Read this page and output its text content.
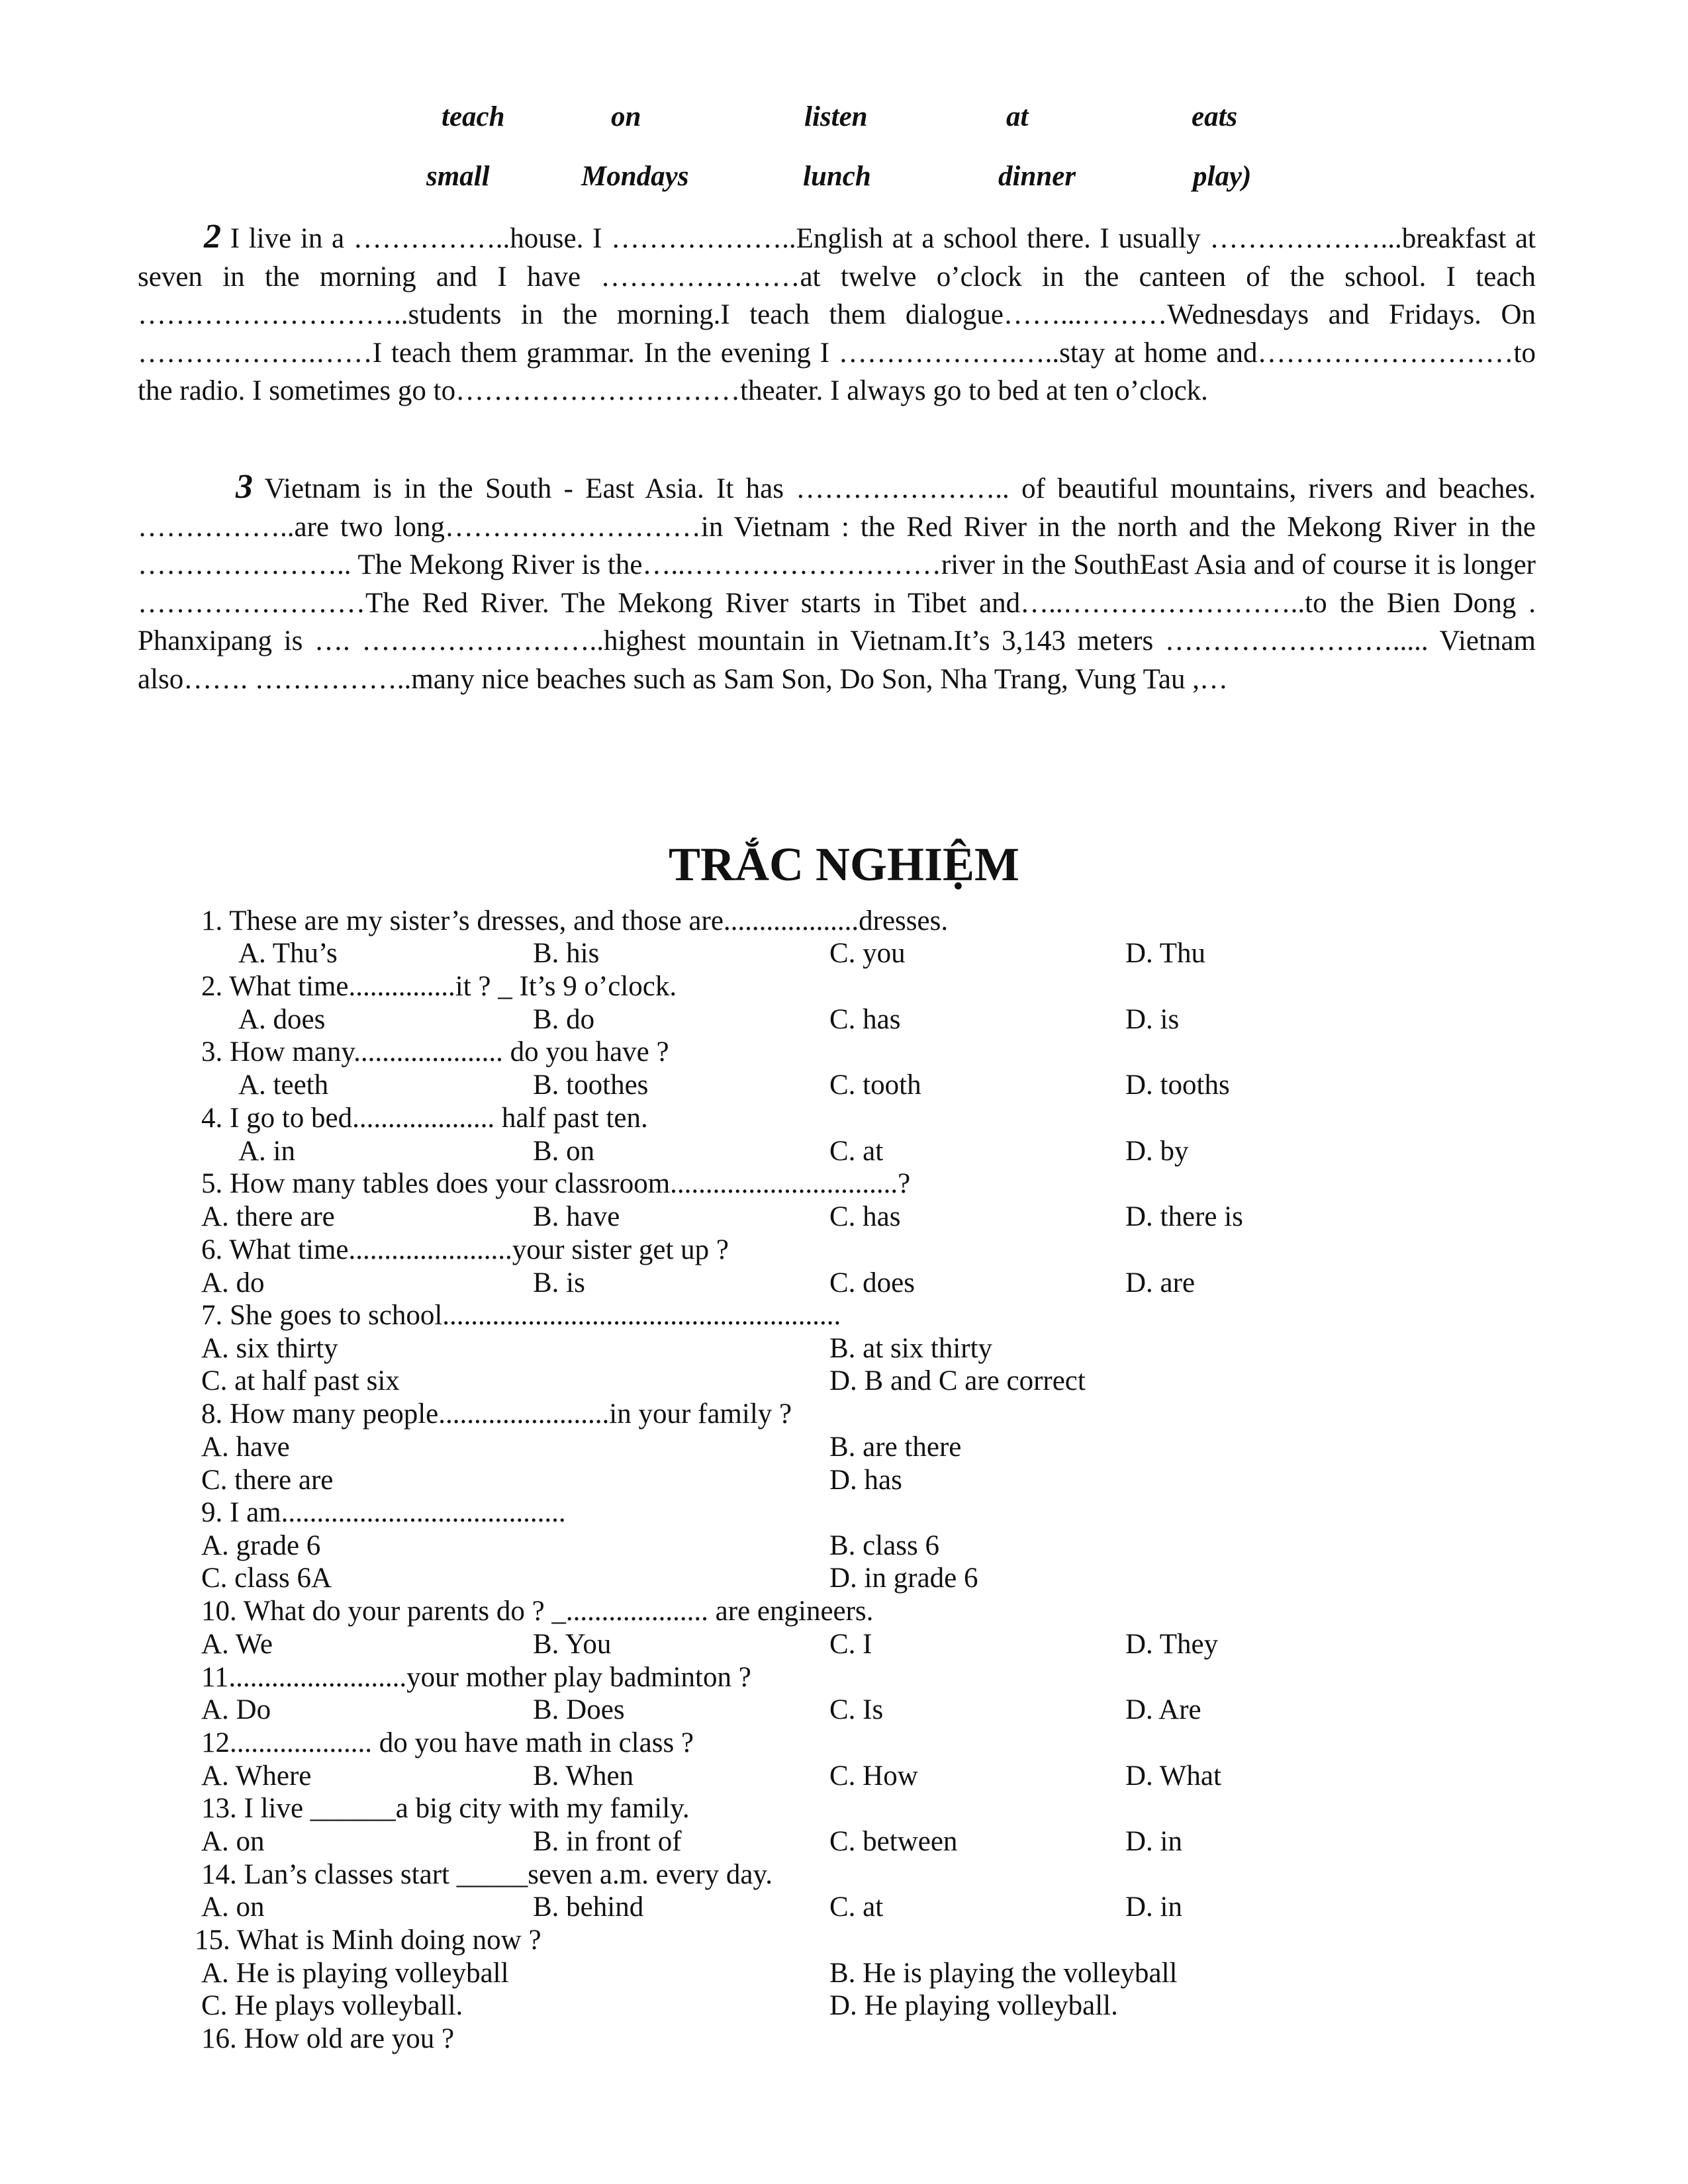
teach	on	listen	at	eats
small	Mondays	lunch	dinner	play)

2 I live in a ……………..house. I ………………..English at a school there. I usually ………………...breakfast at seven in the morning and I have …………………at twelve o’clock in the canteen of the school. I teach ………………………..students in the morning.I teach them dialogue……...………Wednesdays and Fridays. On ……………….……I teach them grammar. In the evening I ……………….…..stay at home and………………………to the radio. I sometimes go to…………………………theater. I always go to bed at ten o’clock.

3 Vietnam is in the South - East Asia. It has ………………….. of beautiful mountains, rivers and beaches. ……………..are two long………………………in Vietnam : the Red River in the north and the Mekong River in the ………………….. The Mekong River is the…..………………………river in the SouthEast Asia and of course it is longer ……………………The Red River. The Mekong River starts in Tibet and…..……………………..to the Bien Dong . Phanxipang is …. ……………………..highest mountain in Vietnam.It’s 3,143 meters ……………………..... Vietnam also……. ……………..many nice beaches such as Sam Son, Do Son, Nha Trang, Vung Tau ,…

TRẮC NGHIỆM
1. These are my sister’s dresses, and those are...................dresses.
A. Thu’s	B. his	C. you	D. Thu
2. What time...............it ? _ It’s 9 o’clock.
A. does	B. do	C. has	D. is
3. How many..................... do you have ?
A. teeth	B. toothes	C. tooth	D. tooths
4. I go to bed.................... half past ten.
A. in	B. on	C. at	D. by
5. How many tables does your classroom................................?
A. there are	B. have	C. has	D. there is
6. What time.......................your sister get up ?
A. do	B. is	C. does	D. are
7. She goes to school........................................................
A. six thirty	B. at six thirty
C. at half past six	D. B and C are correct
8. How many people........................in your family ?
A. have	B. are there
C. there are	D. has
9. I am........................................
A. grade 6	B. class 6
C. class 6A	D. in grade 6
10. What do your parents do ? _.................... are engineers.
A. We	B. You	C. I	D. They
11.........................your mother play badminton ?
A. Do	B. Does	C. Is	D. Are
12.................... do you have math in class ?
A. Where	B. When	C. How	D. What
13. I live ______a big city with my family.
A. on	B. in front of	C. between	D. in
14. Lan’s classes start _____seven a.m. every day.
A. on	B. behind	C. at	D. in
15. What is Minh doing now ?
A. He is playing volleyball	B. He is playing the volleyball
C. He plays volleyball.	D. He playing volleyball.
16. How old are you ?
